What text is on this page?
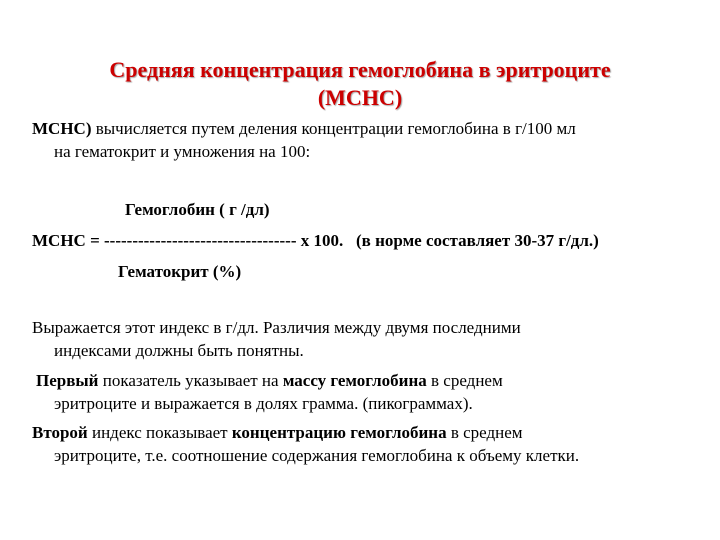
Средняя концентрация гемоглобина в эритроците
(MCHC)
MCHC) вычисляется путем деления концентрации гемоглобина в г/100 мл
на гематокрит и умножения на 100:
Гемоглобин ( г /дл)
MCHC = ---------------------------------- х 100. (в норме составляет 30-37 г/дл.)
Гематокрит (%)
Выражается этот индекс в г/дл. Различия между двумя последними
индексами должны быть понятны.
Первый показатель указывает на массу гемоглобина в среднем
эритроците и выражается в долях грамма. (пикограммах).
Второй индекс показывает концентрацию гемоглобина в среднем
эритроците, т.е. соотношение содержания гемоглобина к объему клетки.
